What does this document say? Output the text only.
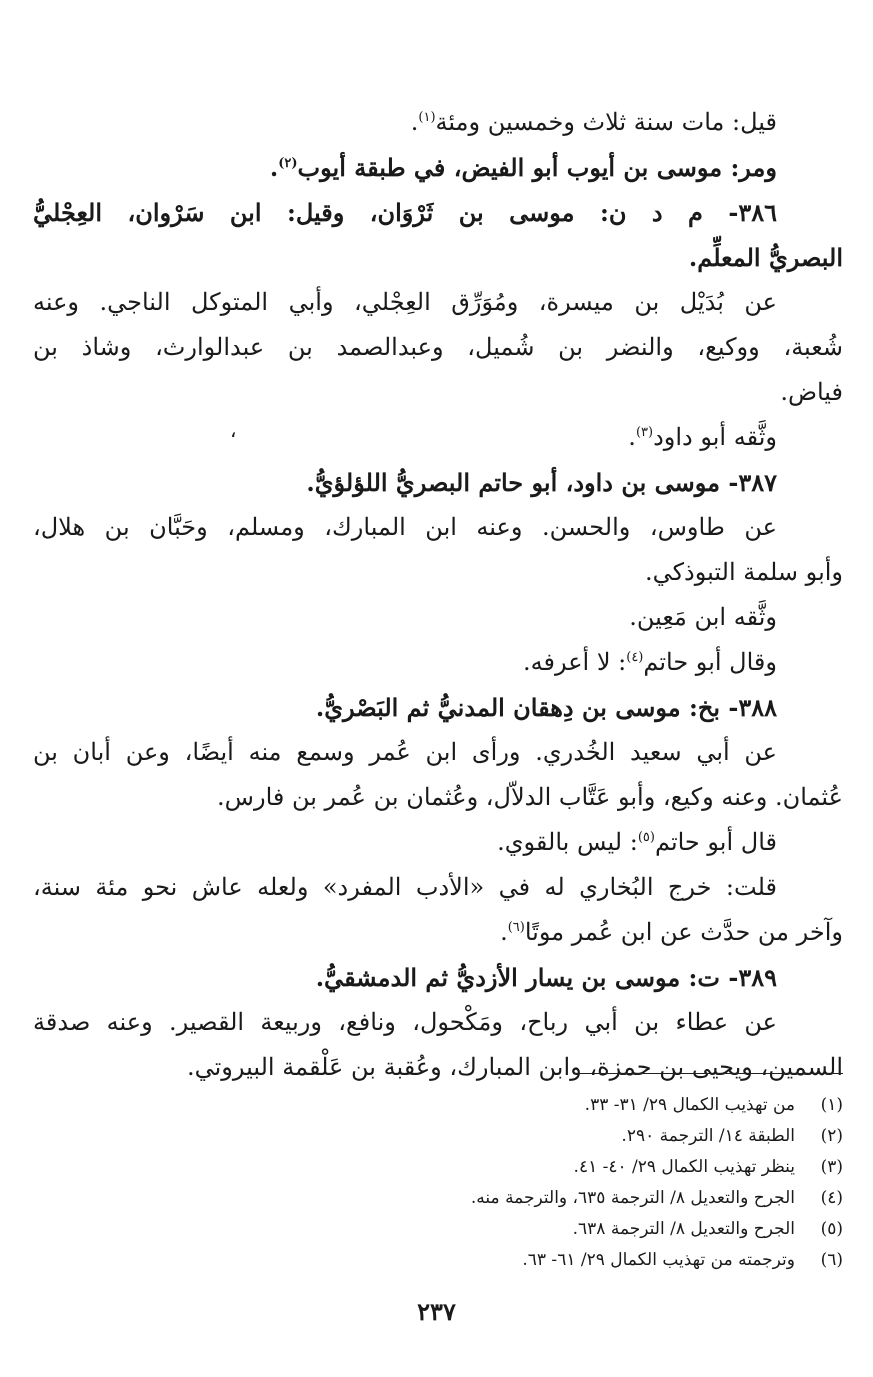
قيل: مات سنة ثلاث وخمسين ومئة$^{(١)}$.
ومر: موسى بن أيوب أبو الفيض، في طبقة أيوب$^{(٢)}$.
٣٨٦- م د ن: موسى بن ثَرْوَان، وقيل: ابن سَرْوان، العِجْليُّ
البصريُّ المعلِّم.
عن بُدَيْل بن ميسرة، ومُوَرِّق العِجْلي، وأبي المتوكل الناجي. وعنه
شُعبة، ووكيع، والنضر بن شُميل، وعبدالصمد بن عبدالوارث، وشاذ بن
فياض.
وثَّقه أبو داود$^{(٣)}$.
٣٨٧- موسى بن داود، أبو حاتم البصريُّ اللؤلؤيُّ.
عن طاوس، والحسن. وعنه ابن المبارك، ومسلم، وحَبَّان بن هلال،
وأبو سلمة التبوذكي.
وثَّقه ابن مَعِين.
وقال أبو حاتم$^{(٤)}$: لا أعرفه.
٣٨٨- بخ: موسى بن دِهقان المدنيُّ ثم البَصْريُّ.
عن أبي سعيد الخُدري. ورأى ابن عُمر وسمع منه أيضًا، وعن أبان بن
عُثمان. وعنه وكيع، وأبو عَتَّاب الدلاّل، وعُثمان بن عُمر بن فارس.
قال أبو حاتم$^{(٥)}$: ليس بالقوي.
قلت: خرج البُخاري له في «الأدب المفرد» ولعله عاش نحو مئة سنة،
وآخر من حدَّث عن ابن عُمر موتًا$^{(٦)}$.
٣٨٩- ت: موسى بن يسار الأزديُّ ثم الدمشقيُّ.
عن عطاء بن أبي رباح، ومَكْحول، ونافع، وربيعة القصير. وعنه صدقة
السمين، ويحيى بن حمزة، وابن المبارك، وعُقبة بن عَلْقمة البيروتي.
،
(١)
من تهذيب الكمال ٢٩/ ٣١- ٣٣.
(٢)
الطبقة ١٤/ الترجمة ٢٩٠.
(٣)
ينظر تهذيب الكمال ٢٩/ ٤٠- ٤١.
(٤)
الجرح والتعديل ٨/ الترجمة ٦٣٥، والترجمة منه.
(٥)
الجرح والتعديل ٨/ الترجمة ٦٣٨.
(٦)
وترجمته من تهذيب الكمال ٢٩/ ٦١- ٦٣.
٢٣٧
